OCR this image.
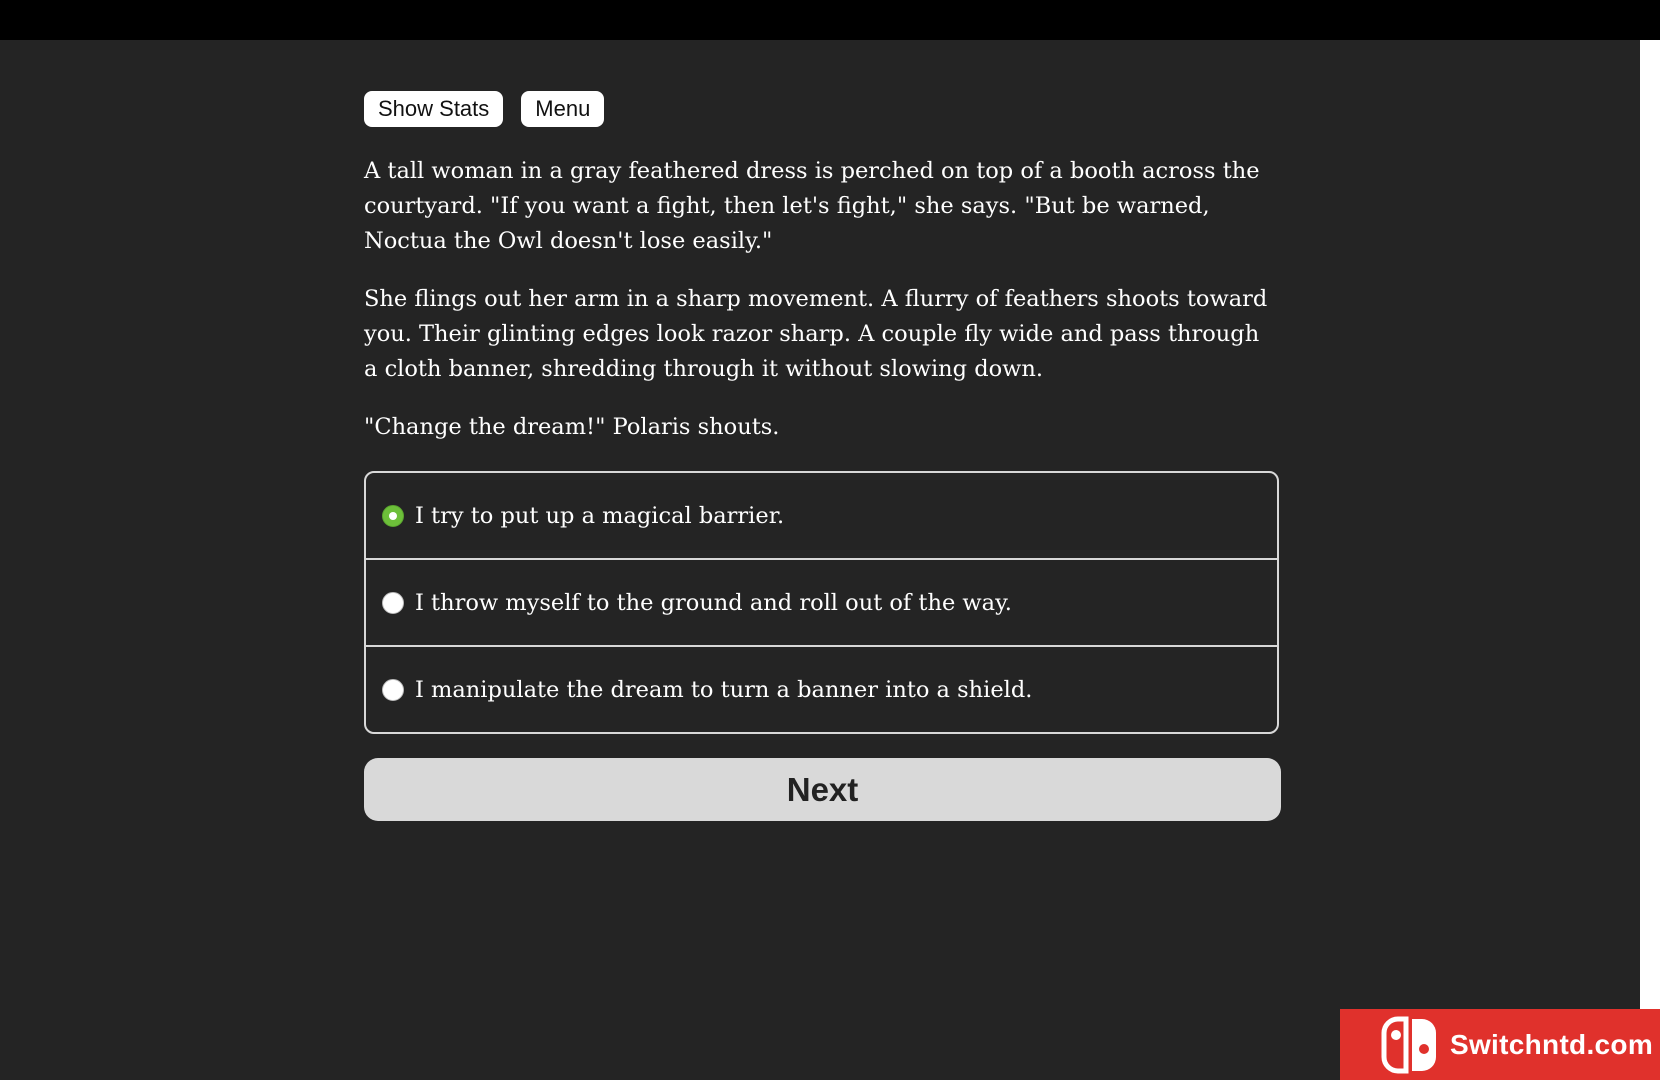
Show Stats	Menu

A tall woman in a gray feathered dress is perched on top of a booth across the courtyard. "If you want a fight, then let's fight," she says. "But be warned, Noctua the Owl doesn't lose easily."

She flings out her arm in a sharp movement. A flurry of feathers shoots toward you. Their glinting edges look razor sharp. A couple fly wide and pass through a cloth banner, shredding through it without slowing down.

"Change the dream!" Polaris shouts.

I try to put up a magical barrier.
I throw myself to the ground and roll out of the way.
I manipulate the dream to turn a banner into a shield.
Next
Switchntd.com
